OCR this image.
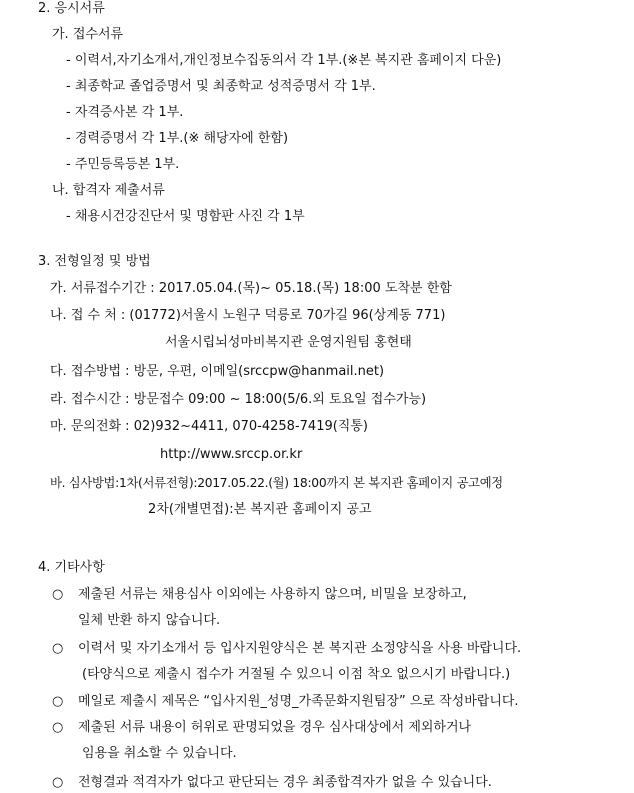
2. 응시서류
가. 접수서류
- 이력서,자기소개서,개인정보수집동의서 각 1부.(※본 복지관 홈페이지 다운)
- 최종학교 졸업증명서 및 최종학교 성적증명서 각 1부.
- 자격증사본 각 1부.
- 경력증명서 각 1부.(※ 해당자에 한함)
- 주민등록등본 1부.
나. 합격자 제출서류
- 채용시건강진단서 및 명함판 사진 각 1부
3. 전형일정 및 방법
가. 서류접수기간 : 2017.05.04.(목)~ 05.18.(목) 18:00 도착분 한함
나. 접 수 처 : (01772)서울시 노원구 덕릉로 70가길 96(상계동 771)
서울시립뇌성마비복지관 운영지원팀 홍현태
다. 접수방법 : 방문, 우편, 이메일(srccpw@hanmail.net)
라. 접수시간 : 방문접수 09:00 ~ 18:00(5/6.외 토요일 접수가능)
마. 문의전화 : 02)932~4411, 070-4258-7419(직통)
http://www.srccp.or.kr
바. 심사방법:1차(서류전형):2017.05.22.(월) 18:00까지 본 복지관 홈페이지 공고예정
2차(개별면접):본 복지관 홈페이지 공고
4. 기타사항
○ 제출된 서류는 채용심사 이외에는 사용하지 않으며, 비밀을 보장하고,
일체 반환 하지 않습니다.
○ 이력서 및 자기소개서 등 입사지원양식은 본 복지관 소정양식을 사용 바랍니다.
(타양식으로 제출시 접수가 거절될 수 있으니 이점 착오 없으시기 바랍니다.)
○ 메일로 제출시 제목은 “입사지원_성명_가족문화지원팀장” 으로 작성바랍니다.
○ 제출된 서류 내용이 허위로 판명되었을 경우 심사대상에서 제외하거나
임용을 취소할 수 있습니다.
○ 전형결과 적격자가 없다고 판단되는 경우 최종합격자가 없을 수 있습니다.
